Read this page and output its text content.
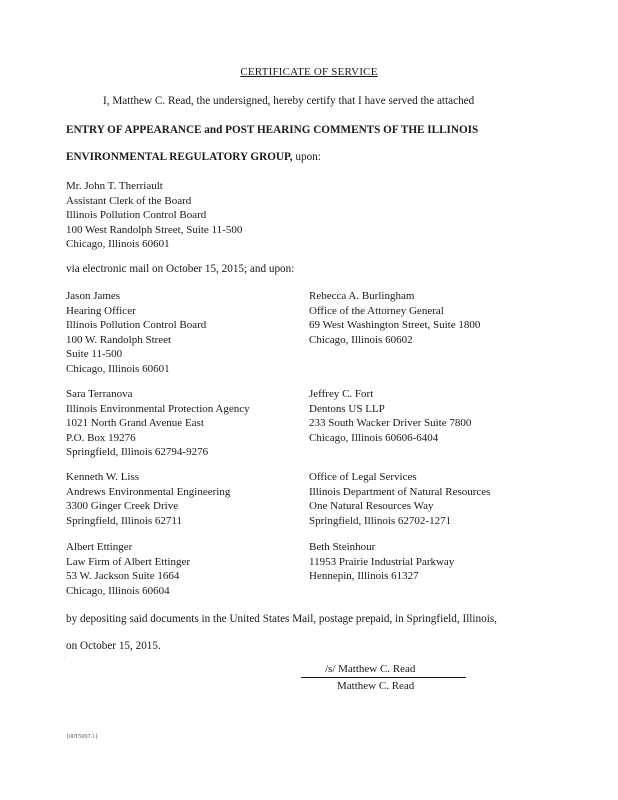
CERTIFICATE OF SERVICE
I, Matthew C. Read, the undersigned, hereby certify that I have served the attached
·
ENTRY OF APPEARANCE and POST HEARING COMMENTS OF THE ILLINOIS
ENVIRONMENTAL REGULATORY GROUP, upon:
Mr. John T. Therriault
Assistant Clerk of the Board
Illinois Pollution Control Board
100 West Randolph Street, Suite 11-500
Chicago, Illinois 60601
via electronic mail on October 15, 2015; and upon:
Jason James
Hearing Officer
Illinois Pollution Control Board
100 W. Randolph Street
Suite 11-500
Chicago, Illinois 60601
Sara Terranova
Illinois Environmental Protection Agency
1021 North Grand Avenue East
P.O. Box 19276
Springfield, Illinois 62794-9276
Kenneth W. Liss
Andrews Environmental Engineering
3300 Ginger Creek Drive
Springfield, Illinois 62711
Albert Ettinger
Law Firm of Albert Ettinger
53 W. Jackson Suite 1664
Chicago, Illinois 60604
Rebecca A. Burlingham
Office of the Attorney General
69 West Washington Street, Suite 1800
Chicago, Illinois 60602
Jeffrey C. Fort
Dentons US LLP
233 South Wacker Driver Suite 7800
Chicago, Illinois 60606-6404
Office of Legal Services
Illinois Department of Natural Resources
One Natural Resources Way
Springfield, Illinois 62702-1271
Beth Steinhour
11953 Prairie Industrial Parkway
Hennepin, Illinois 61327
by depositing said documents in the United States Mail, postage prepaid, in Springfield, Illinois,
on October 15, 2015.
·
/s/ Matthew C. Read
Matthew C. Read
{00T5097.1}
